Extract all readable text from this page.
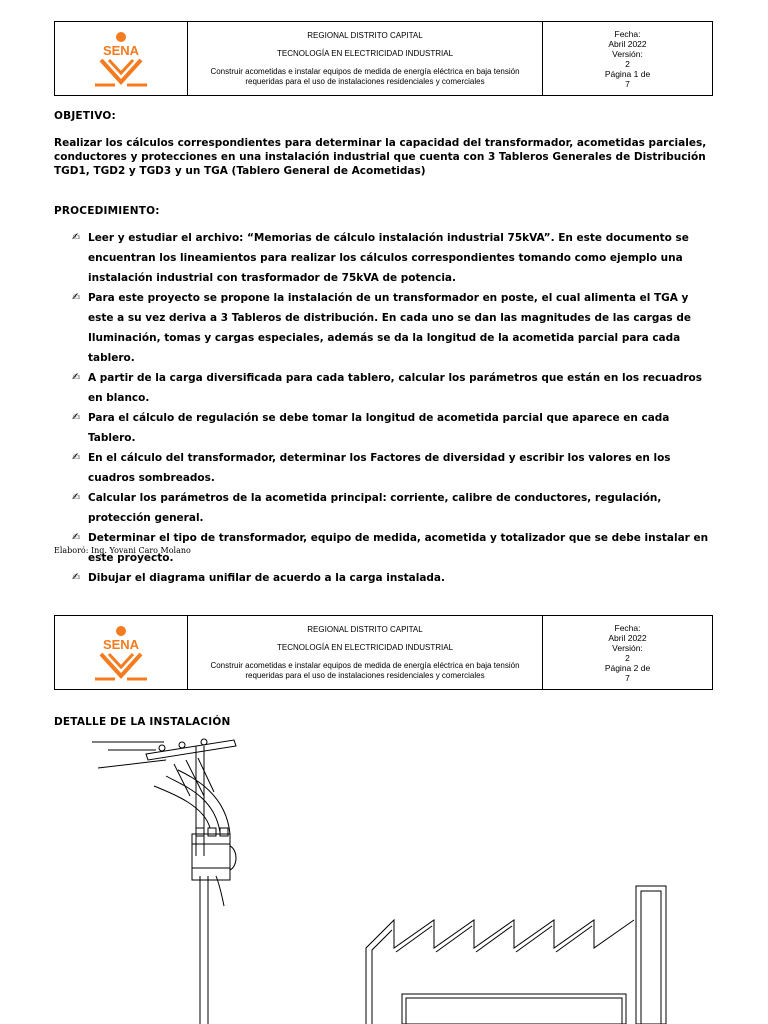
SENA
REGIONAL DISTRITO CAPITAL
TECNOLOGÍA EN ELECTRICIDAD INDUSTRIAL
Construir acometidas e instalar equipos de medida de energía eléctrica en baja tensión
requeridas para el uso de instalaciones residenciales y comerciales
Fecha:
Abril 2022
Versión:
2
Página 1 de
7
OBJETIVO:
Realizar los cálculos correspondientes para determinar la capacidad del transformador, acometidas parciales, conductores y protecciones en una instalación industrial que cuenta con 3 Tableros Generales de Distribución TGD1, TGD2 y TGD3 y un TGA (Tablero General de Acometidas)
PROCEDIMIENTO:
✍ Leer y estudiar el archivo: “Memorias de cálculo instalación industrial 75kVA”. En este documento se encuentran los lineamientos para realizar los cálculos correspondientes tomando como ejemplo una instalación industrial con trasformador de 75kVA de potencia.
✍ Para este proyecto se propone la instalación de un transformador en poste, el cual alimenta el TGA y este a su vez deriva a 3 Tableros de distribución. En cada uno se dan las magnitudes de las cargas de Iluminación, tomas y cargas especiales, además se da la longitud de la acometida parcial para cada tablero.
✍ A partir de la carga diversificada para cada tablero, calcular los parámetros que están en los recuadros en blanco.
✍ Para el cálculo de regulación se debe tomar la longitud de acometida parcial que aparece en cada Tablero.
✍ En el cálculo del transformador, determinar los Factores de diversidad y escribir los valores en los cuadros sombreados.
✍ Calcular los parámetros de la acometida principal: corriente, calibre de conductores, regulación, protección general.
✍ Determinar el tipo de transformador, equipo de medida, acometida y totalizador que se debe instalar en este proyecto.
✍ Dibujar el diagrama unifilar de acuerdo a la carga instalada.
Elaboró: Ing. Yovani Caro Molano
SENA
REGIONAL DISTRITO CAPITAL
TECNOLOGÍA EN ELECTRICIDAD INDUSTRIAL
Construir acometidas e instalar equipos de medida de energía eléctrica en baja tensión
requeridas para el uso de instalaciones residenciales y comerciales
Fecha:
Abril 2022
Versión:
2
Página 2 de
7
DETALLE DE LA INSTALACIÓN
